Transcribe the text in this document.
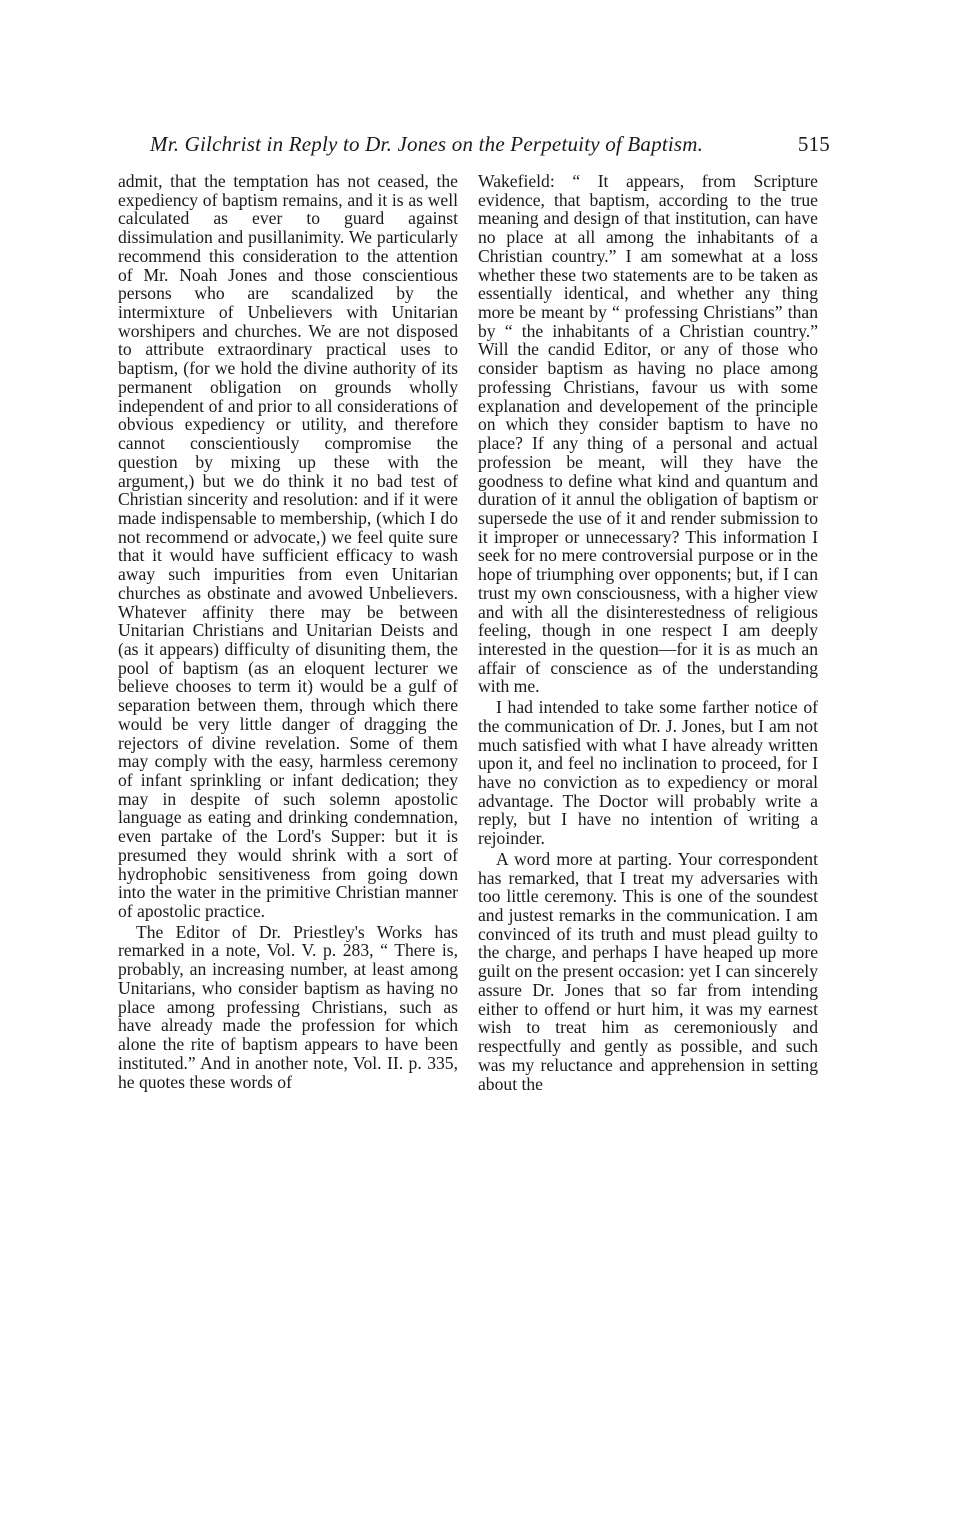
Mr. Gilchrist in Reply to Dr. Jones on the Perpetuity of Baptism.	515

admit, that the temptation has not ceased, the expediency of baptism remains, and it is as well calculated as ever to guard against dissimulation and pusillanimity. We particularly recommend this consideration to the attention of Mr. Noah Jones and those conscientious persons who are scandalized by the intermixture of Unbelievers with Unitarian worshipers and churches. We are not disposed to attribute extraordinary practical uses to baptism, (for we hold the divine authority of its permanent obligation on grounds wholly independent of and prior to all considerations of obvious expediency or utility, and therefore cannot conscientiously compromise the question by mixing up these with the argument,) but we do think it no bad test of Christian sincerity and resolution: and if it were made indispensable to membership, (which I do not recommend or advocate,) we feel quite sure that it would have sufficient efficacy to wash away such impurities from even Unitarian churches as obstinate and avowed Unbelievers. Whatever affinity there may be between Unitarian Christians and Unitarian Deists and (as it appears) difficulty of disuniting them, the pool of baptism (as an eloquent lecturer we believe chooses to term it) would be a gulf of separation between them, through which there would be very little danger of dragging the rejectors of divine revelation. Some of them may comply with the easy, harmless ceremony of infant sprinkling or infant dedication; they may in despite of such solemn apostolic language as eating and drinking condemnation, even partake of the Lord's Supper: but it is presumed they would shrink with a sort of hydrophobic sensitiveness from going down into the water in the primitive Christian manner of apostolic practice.

The Editor of Dr. Priestley's Works has remarked in a note, Vol. V. p. 283, “ There is, probably, an increasing number, at least among Unitarians, who consider baptism as having no place among professing Christians, such as have already made the profession for which alone the rite of baptism appears to have been instituted.” And in another note, Vol. II. p. 335, he quotes these words of

Wakefield: “ It appears, from Scripture evidence, that baptism, according to the true meaning and design of that institution, can have no place at all among the inhabitants of a Christian country.” I am somewhat at a loss whether these two statements are to be taken as essentially identical, and whether any thing more be meant by “ professing Christians” than by “ the inhabitants of a Christian country.” Will the candid Editor, or any of those who consider baptism as having no place among professing Christians, favour us with some explanation and developement of the principle on which they consider baptism to have no place? If any thing of a personal and actual profession be meant, will they have the goodness to define what kind and quantum and duration of it annul the obligation of baptism or supersede the use of it and render submission to it improper or unnecessary? This information I seek for no mere controversial purpose or in the hope of triumphing over opponents; but, if I can trust my own consciousness, with a higher view and with all the disinterestedness of religious feeling, though in one respect I am deeply interested in the question—for it is as much an affair of conscience as of the understanding with me.

I had intended to take some farther notice of the communication of Dr. J. Jones, but I am not much satisfied with what I have already written upon it, and feel no inclination to proceed, for I have no conviction as to expediency or moral advantage. The Doctor will probably write a reply, but I have no intention of writing a rejoinder.

A word more at parting. Your correspondent has remarked, that I treat my adversaries with too little ceremony. This is one of the soundest and justest remarks in the communication. I am convinced of its truth and must plead guilty to the charge, and perhaps I have heaped up more guilt on the present occasion: yet I can sincerely assure Dr. Jones that so far from intending either to offend or hurt him, it was my earnest wish to treat him as ceremoniously and respectfully and gently as possible, and such was my reluctance and apprehension in setting about the
